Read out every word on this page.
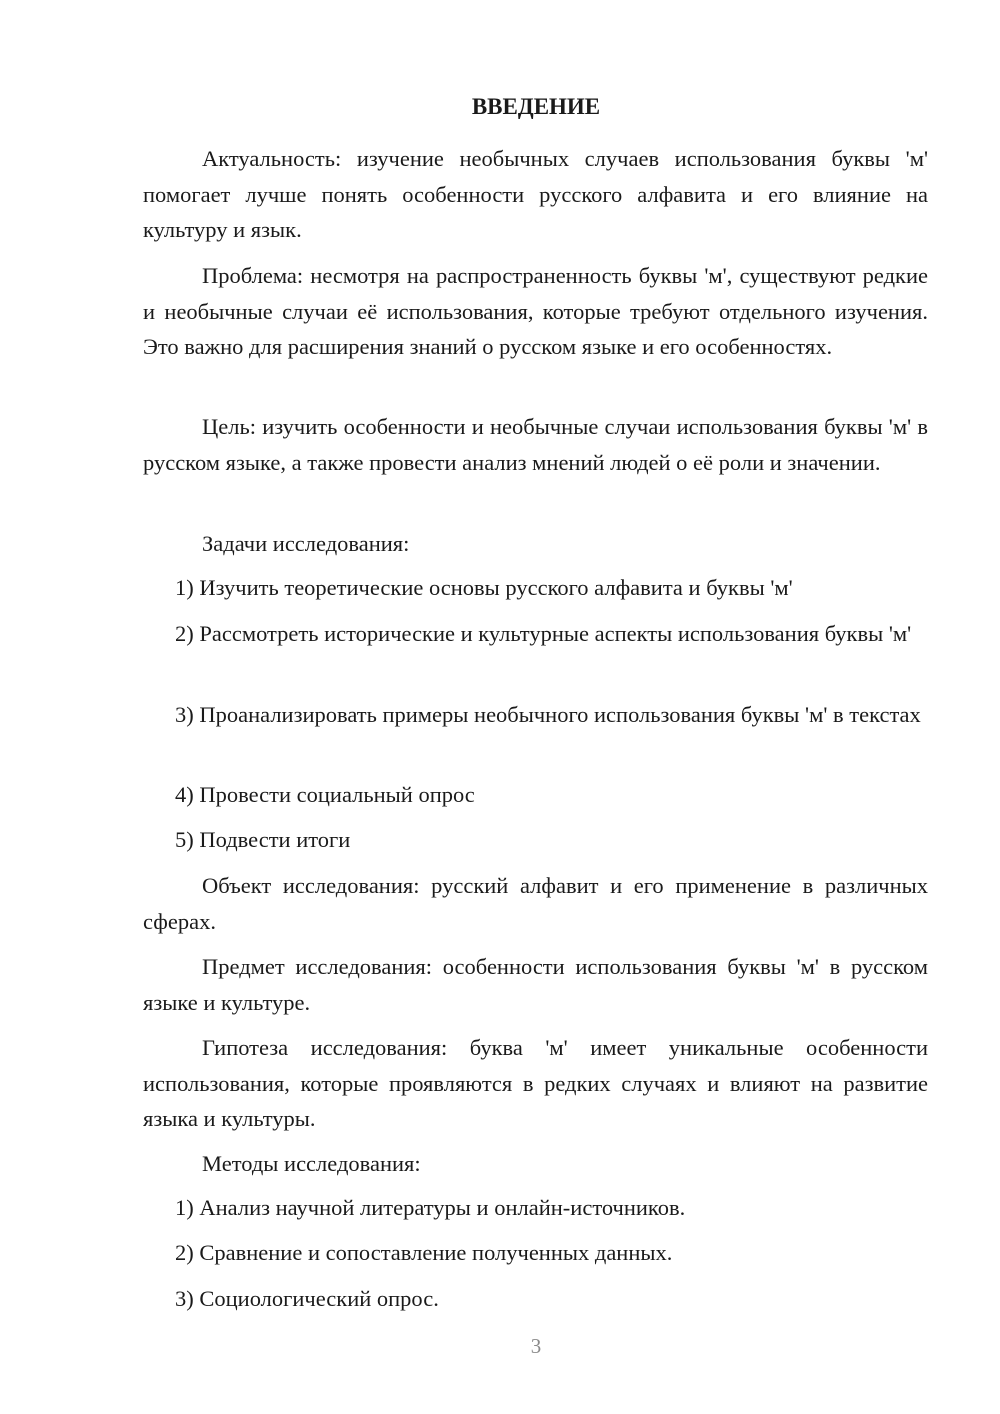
ВВЕДЕНИЕ

Актуальность: изучение необычных случаев использования буквы 'м' помогает лучше понять особенности русского алфавита и его влияние на культуру и язык.

Проблема: несмотря на распространенность буквы 'м', существуют редкие и необычные случаи её использования, которые требуют отдельного изучения. Это важно для расширения знаний о русском языке и его особенностях.

Цель: изучить особенности и необычные случаи использования буквы 'м' в русском языке, а также провести анализ мнений людей о её роли и значении.

Задачи исследования:

1) Изучить теоретические основы русского алфавита и буквы 'м'

2) Рассмотреть исторические и культурные аспекты использования буквы 'м'

3) Проанализировать примеры необычного использования буквы 'м' в текстах

4) Провести социальный опрос

5) Подвести итоги

Объект исследования: русский алфавит и его применение в различных сферах.

Предмет исследования: особенности использования буквы 'м' в русском языке и культуре.

Гипотеза исследования: буква 'м' имеет уникальные особенности использования, которые проявляются в редких случаях и влияют на развитие языка и культуры.

Методы исследования:

1) Анализ научной литературы и онлайн-источников.

2) Сравнение и сопоставление полученных данных.

3) Социологический опрос.

3
